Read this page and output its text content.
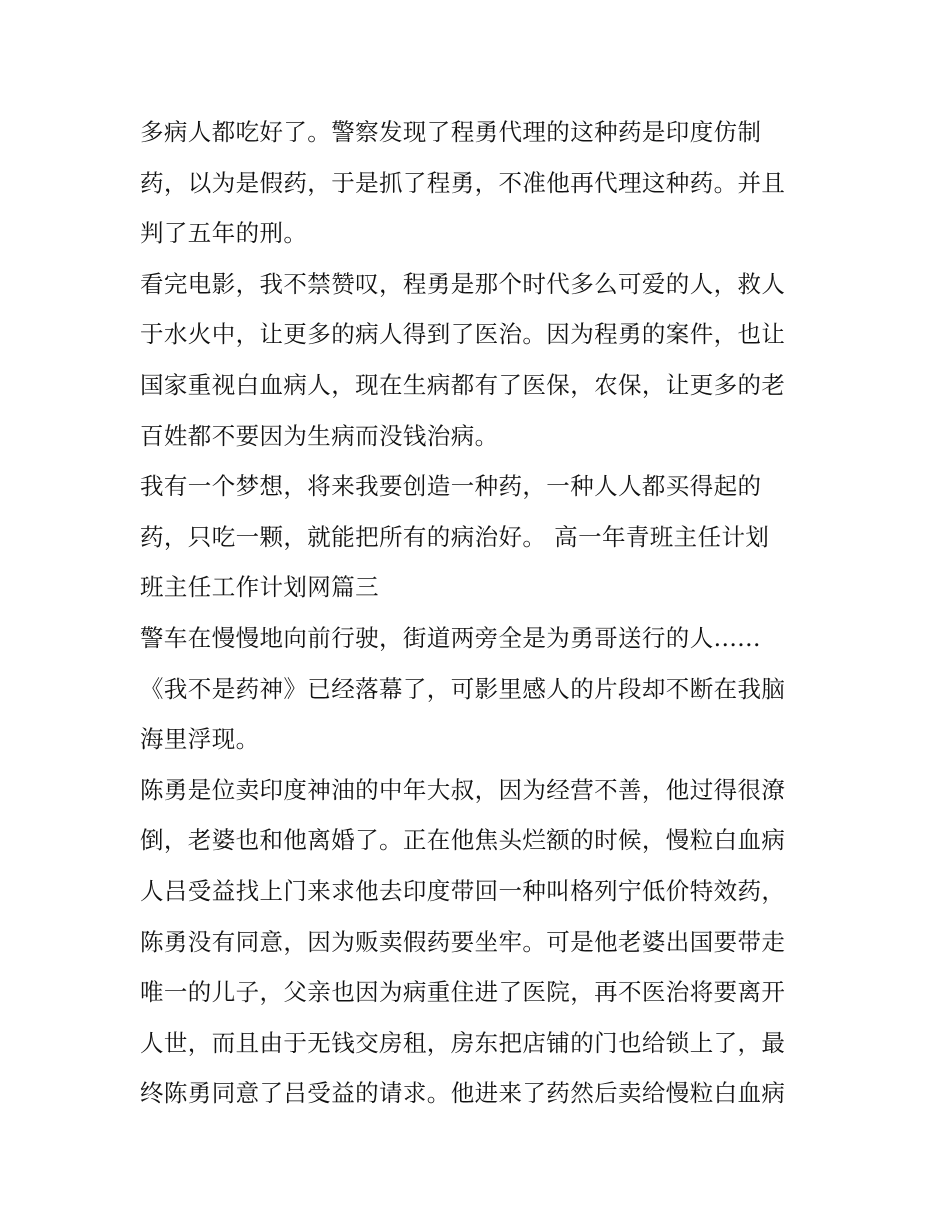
多病人都吃好了。警察发现了程勇代理的这种药是印度仿制
药，以为是假药，于是抓了程勇，不准他再代理这种药。并且
判了五年的刑。
看完电影，我不禁赞叹，程勇是那个时代多么可爱的人，救人
于水火中，让更多的病人得到了医治。因为程勇的案件，也让
国家重视白血病人，现在生病都有了医保，农保，让更多的老
百姓都不要因为生病而没钱治病。
我有一个梦想，将来我要创造一种药，一种人人都买得起的
药，只吃一颗，就能把所有的病治好。 高一年青班主任计划
班主任工作计划网篇三
警车在慢慢地向前行驶，街道两旁全是为勇哥送行的人......
《我不是药神》已经落幕了，可影里感人的片段却不断在我脑
海里浮现。
陈勇是位卖印度神油的中年大叔，因为经营不善，他过得很潦
倒，老婆也和他离婚了。正在他焦头烂额的时候，慢粒白血病
人吕受益找上门来求他去印度带回一种叫格列宁低价特效药，
陈勇没有同意，因为贩卖假药要坐牢。可是他老婆出国要带走
唯一的儿子，父亲也因为病重住进了医院，再不医治将要离开
人世，而且由于无钱交房租，房东把店铺的门也给锁上了，最
终陈勇同意了吕受益的请求。他进来了药然后卖给慢粒白血病
